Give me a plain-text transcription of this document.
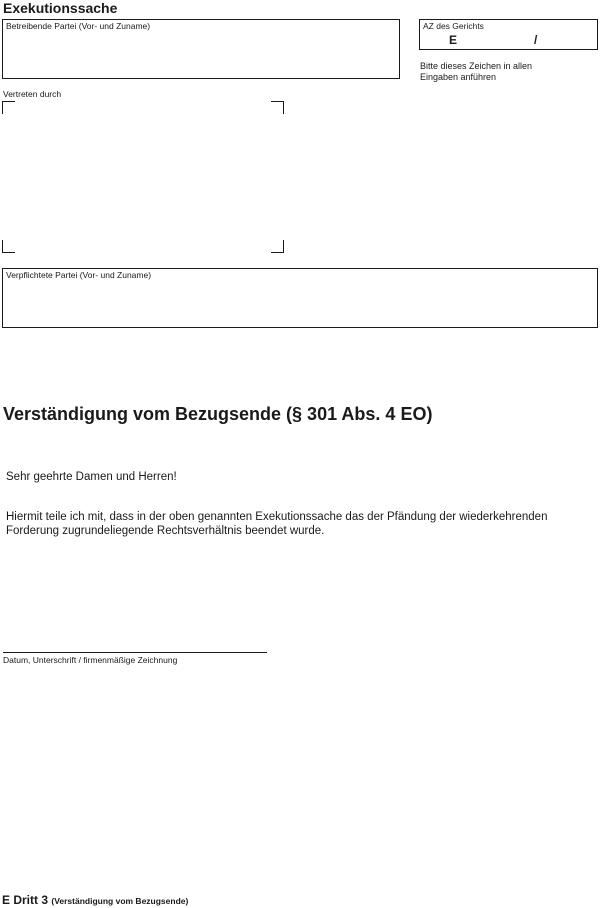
Exekutionssache
Betreibende Partei (Vor- und Zuname)	AZ des Gerichts
E	/
Bitte dieses Zeichen in allen
Eingaben anführen
Vertreten durch
Verpflichtete Partei (Vor- und Zuname)
Verständigung vom Bezugsende (§ 301 Abs. 4 EO)
Sehr geehrte Damen und Herren!
Hiermit teile ich mit, dass in der oben genannten Exekutionssache das der Pfändung der wiederkehrenden
Forderung zugrundeliegende Rechtsverhältnis beendet wurde.
Datum, Unterschrift / firmenmäßige Zeichnung
E Dritt 3 (Verständigung vom Bezugsende)
